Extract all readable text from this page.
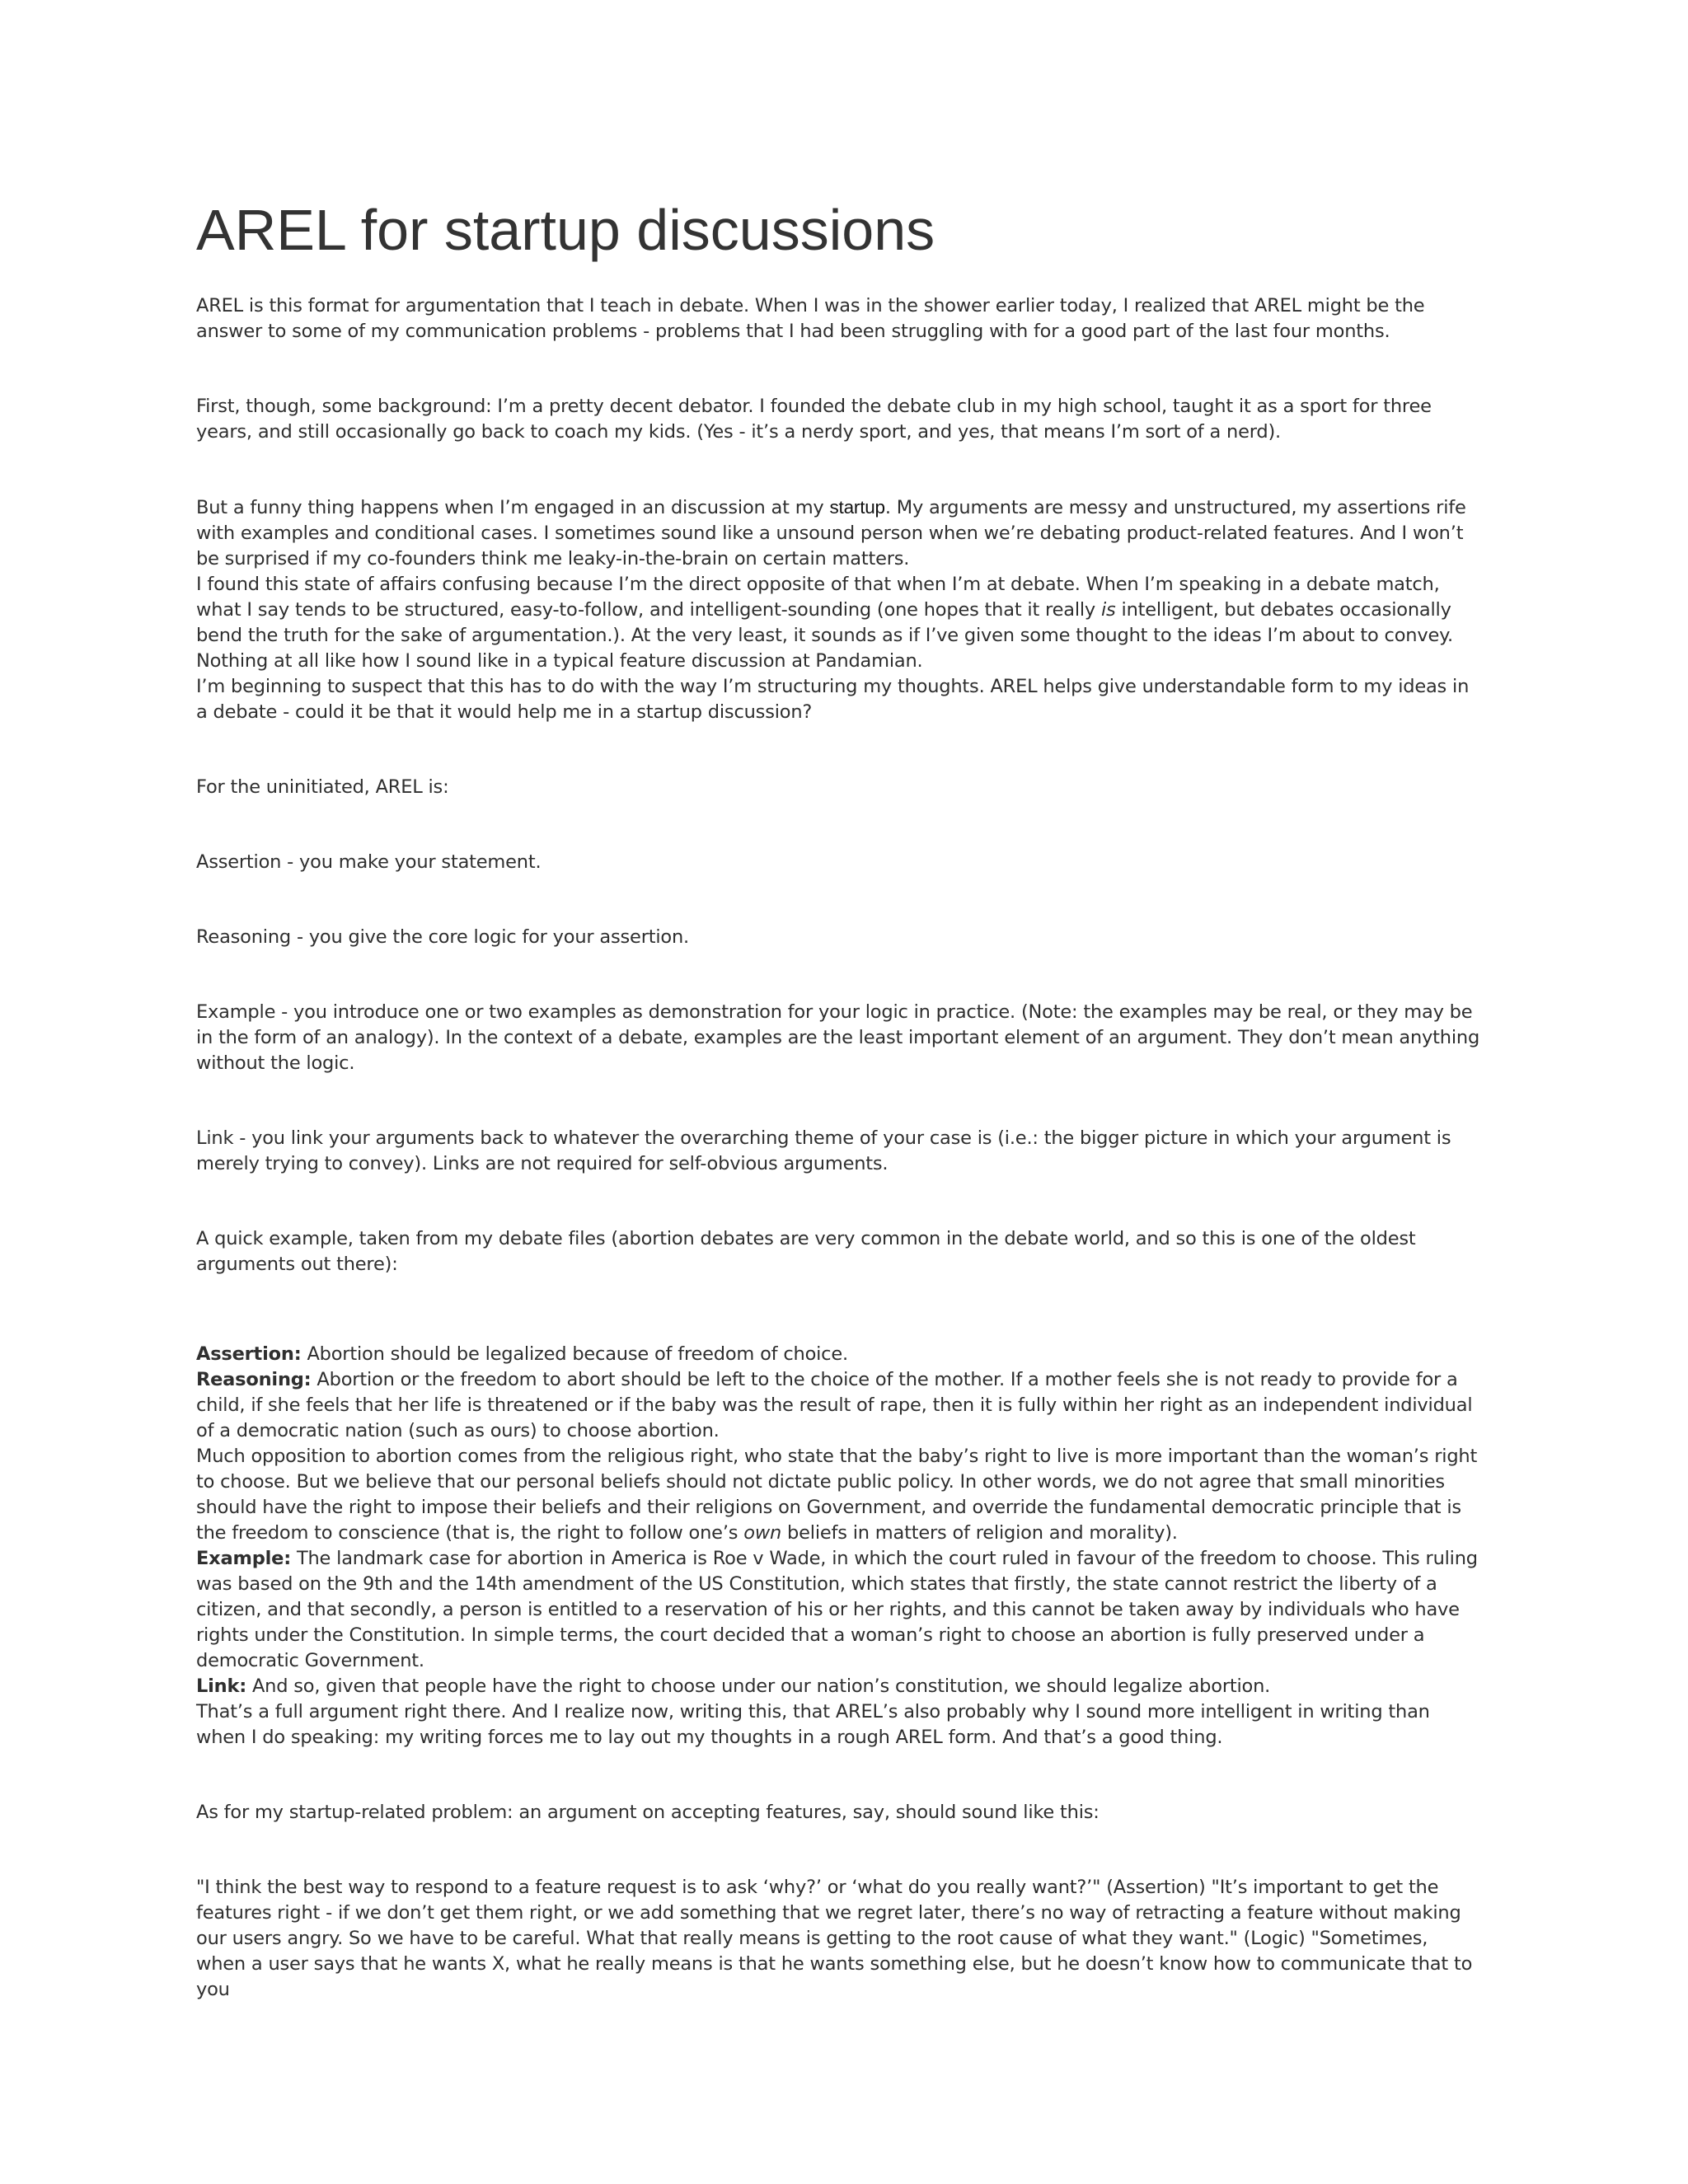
AREL for startup discussions

AREL is this format for argumentation that I teach in debate. When I was in the shower earlier today, I realized that AREL might be the answer to some of my communication problems - problems that I had been struggling with for a good part of the last four months.

First, though, some background: I’m a pretty decent debator. I founded the debate club in my high school, taught it as a sport for three years, and still occasionally go back to coach my kids. (Yes - it’s a nerdy sport, and yes, that means I’m sort of a nerd).

But a funny thing happens when I’m engaged in an discussion at my startup. My arguments are messy and unstructured, my assertions rife with examples and conditional cases. I sometimes sound like a unsound person when we’re debating product-related features. And I won’t be surprised if my co-founders think me leaky-in-the-brain on certain matters.

I found this state of affairs confusing because I’m the direct opposite of that when I’m at debate. When I’m speaking in a debate match, what I say tends to be structured, easy-to-follow, and intelligent-sounding (one hopes that it really is intelligent, but debates occasionally bend the truth for the sake of argumentation.). At the very least, it sounds as if I’ve given some thought to the ideas I’m about to convey. Nothing at all like how I sound like in a typical feature discussion at Pandamian.

I’m beginning to suspect that this has to do with the way I’m structuring my thoughts. AREL helps give understandable form to my ideas in a debate - could it be that it would help me in a startup discussion?

For the uninitiated, AREL is:

Assertion - you make your statement.

Reasoning - you give the core logic for your assertion.

Example - you introduce one or two examples as demonstration for your logic in practice. (Note: the examples may be real, or they may be in the form of an analogy). In the context of a debate, examples are the least important element of an argument. They don’t mean anything without the logic.

Link - you link your arguments back to whatever the overarching theme of your case is (i.e.: the bigger picture in which your argument is merely trying to convey). Links are not required for self-obvious arguments.

A quick example, taken from my debate files (abortion debates are very common in the debate world, and so this is one of the oldest arguments out there):

Assertion: Abortion should be legalized because of freedom of choice.

Reasoning: Abortion or the freedom to abort should be left to the choice of the mother. If a mother feels she is not ready to provide for a child, if she feels that her life is threatened or if the baby was the result of rape, then it is fully within her right as an independent individual of a democratic nation (such as ours) to choose abortion.

Much opposition to abortion comes from the religious right, who state that the baby’s right to live is more important than the woman’s right to choose. But we believe that our personal beliefs should not dictate public policy. In other words, we do not agree that small minorities should have the right to impose their beliefs and their religions on Government, and override the fundamental democratic principle that is the freedom to conscience (that is, the right to follow one’s own beliefs in matters of religion and morality).

Example: The landmark case for abortion in America is Roe v Wade, in which the court ruled in favour of the freedom to choose. This ruling was based on the 9th and the 14th amendment of the US Constitution, which states that firstly, the state cannot restrict the liberty of a citizen, and that secondly, a person is entitled to a reservation of his or her rights, and this cannot be taken away by individuals who have rights under the Constitution. In simple terms, the court decided that a woman’s right to choose an abortion is fully preserved under a democratic Government.

Link: And so, given that people have the right to choose under our nation’s constitution, we should legalize abortion.

That’s a full argument right there. And I realize now, writing this, that AREL’s also probably why I sound more intelligent in writing than when I do speaking: my writing forces me to lay out my thoughts in a rough AREL form. And that’s a good thing.

As for my startup-related problem: an argument on accepting features, say, should sound like this:

"I think the best way to respond to a feature request is to ask ‘why?’ or ‘what do you really want?’" (Assertion) "It’s important to get the features right - if we don’t get them right, or we add something that we regret later, there’s no way of retracting a feature without making our users angry. So we have to be careful. What that really means is getting to the root cause of what they want." (Logic) "Sometimes, when a user says that he wants X, what he really means is that he wants something else, but he doesn’t know how to communicate that to you
